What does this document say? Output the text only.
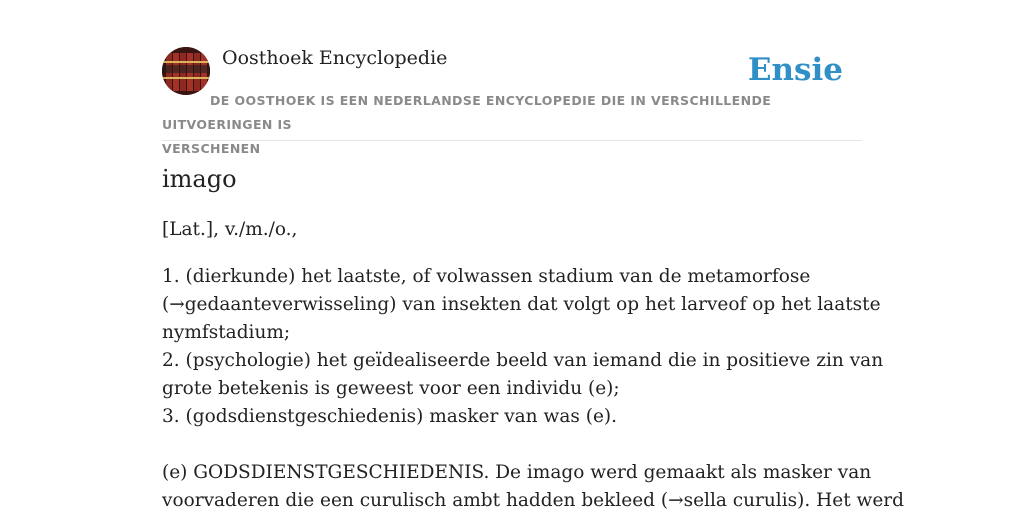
Oosthoek Encyclopedie	Ensie
DE OOSTHOEK IS EEN NEDERLANDSE ENCYCLOPEDIE DIE IN VERSCHILLENDE UITVOERINGEN IS
VERSCHENEN
imago
[Lat.], v./m./o.,
1. (dierkunde) het laatste, of volwassen stadium van de metamorfose
(→gedaanteverwisseling) van insekten dat volgt op het larveof op het laatste
nymfstadium;
2. (psychologie) het geïdealiseerde beeld van iemand die in positieve zin van
grote betekenis is geweest voor een individu (e);
3. (godsdienstgeschiedenis) masker van was (e).
(e) GODSDIENSTGESCHIEDENIS. De imago werd gemaakt als masker van
voorvaderen die een curulisch ambt hadden bekleed (→sella curulis). Het werd
